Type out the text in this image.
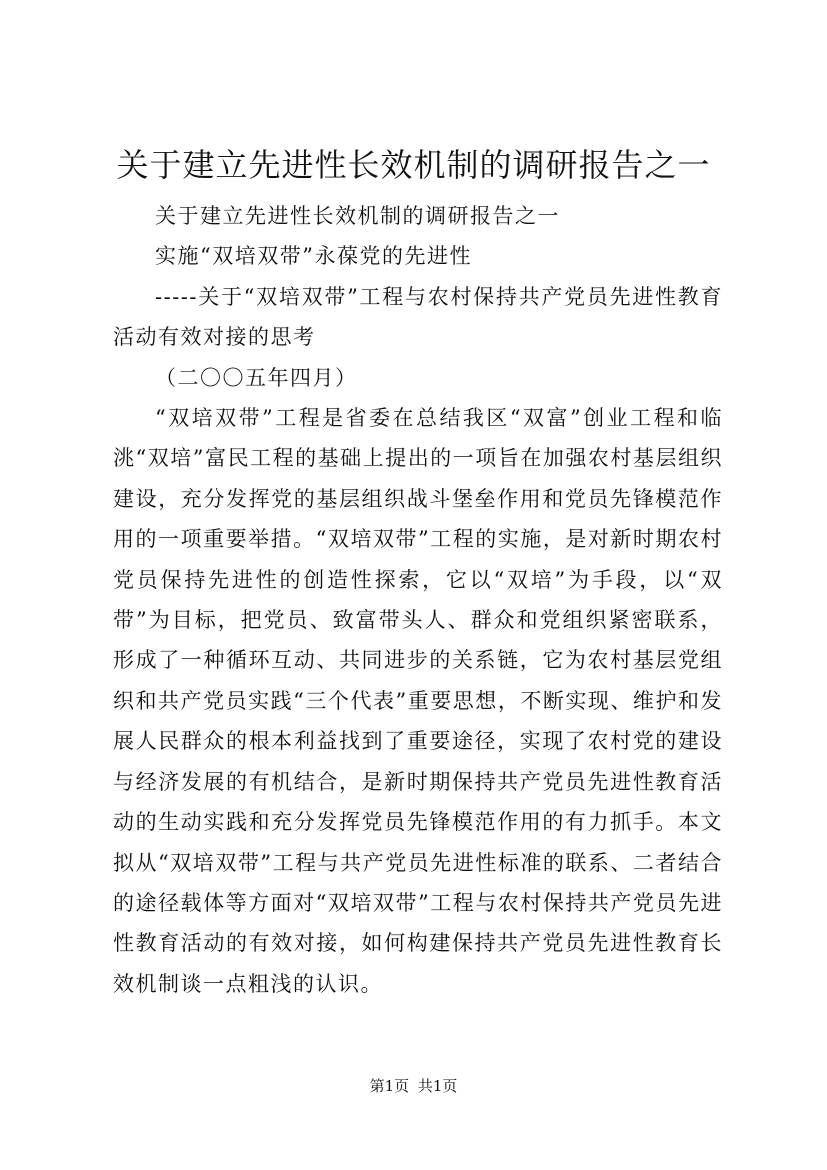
关于建立先进性长效机制的调研报告之一

关于建立先进性长效机制的调研报告之一

实施“双培双带”永葆党的先进性

-----关于“双培双带”工程与农村保持共产党员先进性教育活动有效对接的思考

（二〇〇五年四月）

“双培双带”工程是省委在总结我区“双富”创业工程和临洮“双培”富民工程的基础上提出的一项旨在加强农村基层组织建设，充分发挥党的基层组织战斗堡垒作用和党员先锋模范作用的一项重要举措。“双培双带”工程的实施，是对新时期农村党员保持先进性的创造性探索，它以“双培”为手段，以“双带”为目标，把党员、致富带头人、群众和党组织紧密联系，形成了一种循环互动、共同进步的关系链，它为农村基层党组织和共产党员实践“三个代表”重要思想，不断实现、维护和发展人民群众的根本利益找到了重要途径，实现了农村党的建设与经济发展的有机结合，是新时期保持共产党员先进性教育活动的生动实践和充分发挥党员先锋模范作用的有力抓手。本文拟从“双培双带”工程与共产党员先进性标准的联系、二者结合的途径载体等方面对“双培双带”工程与农村保持共产党员先进性教育活动的有效对接，如何构建保持共产党员先进性教育长效机制谈一点粗浅的认识。

第1页 共1页
